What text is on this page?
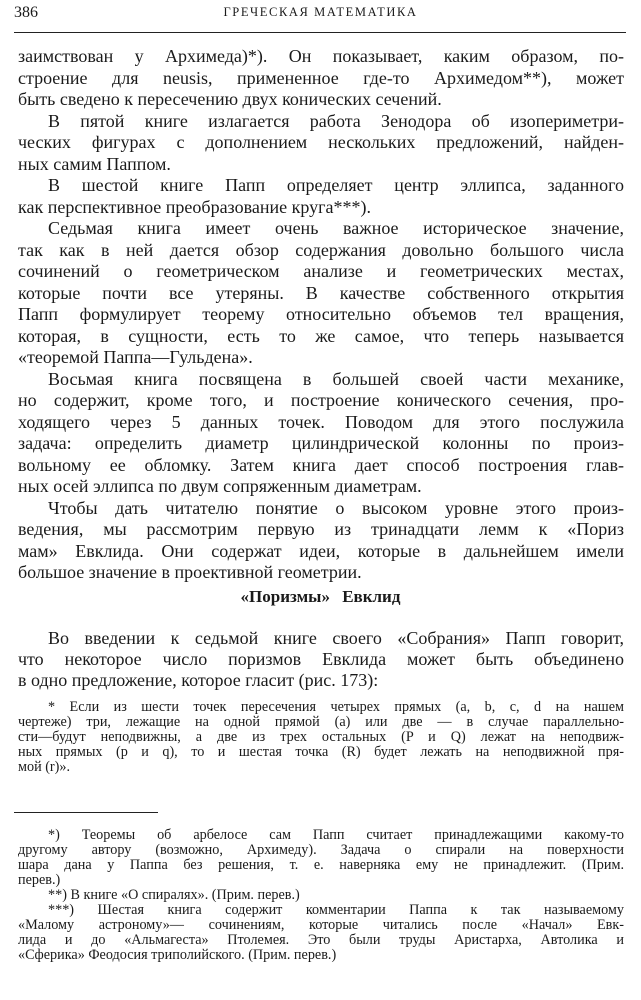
386	ГРЕЧЕСКАЯ МАТЕМАТИКА
заимствован у Архимеда)*). Он показывает, каким образом, по-
строение для neusis, примененное где-то Архимедом**), может
быть сведено к пересечению двух конических сечений.
В пятой книге излагается работа Зенодора об изопериметри-
ческих фигурах с дополнением нескольких предложений, найден-
ных самим Паппом.
В шестой книге Папп определяет центр эллипса, заданного
как перспективное преобразование круга***).
Седьмая книга имеет очень важное историческое значение,
так как в ней дается обзор содержания довольно большого числа
сочинений о геометрическом анализе и геометрических местах,
которые почти все утеряны. В качестве собственного открытия
Папп формулирует теорему относительно объемов тел вращения,
которая, в сущности, есть то же самое, что теперь называется
«теоремой Паппа—Гульдена».
Восьмая книга посвящена в большей своей части механике,
но содержит, кроме того, и построение конического сечения, про-
ходящего через 5 данных точек. Поводом для этого послужила
задача: определить диаметр цилиндрической колонны по произ-
вольному ее обломку. Затем книга дает способ построения глав-
ных осей эллипса по двум сопряженным диаметрам.
Чтобы дать читателю понятие о высоком уровне этого произ-
ведения, мы рассмотрим первую из тринадцати лемм к «Пориз
мам» Евклида. Они содержат идеи, которые в дальнейшем имели
большое значение в проективной геометрии.
«Поризмы» Евклид
Во введении к седьмой книге своего «Собрания» Папп говорит,
что некоторое число поризмов Евклида может быть объединено
в одно предложение, которое гласит (рис. 173):
* Если из шести точек пересечения четырех прямых (a, b, c, d на нашем
чертеже) три, лежащие на одной прямой (a) или две — в случае параллельно-
сти—будут неподвижны, а две из трех остальных (P и Q) лежат на неподвиж-
ных прямых (p и q), то и шестая точка (R) будет лежать на неподвижной пря-
мой (r)».
*) Теоремы об арбелосе сам Папп считает принадлежащими какому-то
другому автору (возможно, Архимеду). Задача о спирали на поверхности
шара дана у Паппа без решения, т. е. наверняка ему не принадлежит. (Прим.
перев.)
**) В книге «О спиралях». (Прим. перев.)
***) Шестая книга содержит комментарии Паппа к так называемому
«Малому астроному»— сочинениям, которые читались после «Начал» Евк-
лида и до «Альмагеста» Птолемея. Это были труды Аристарха, Автолика и
«Сферика» Феодосия триполийского. (Прим. перев.)
